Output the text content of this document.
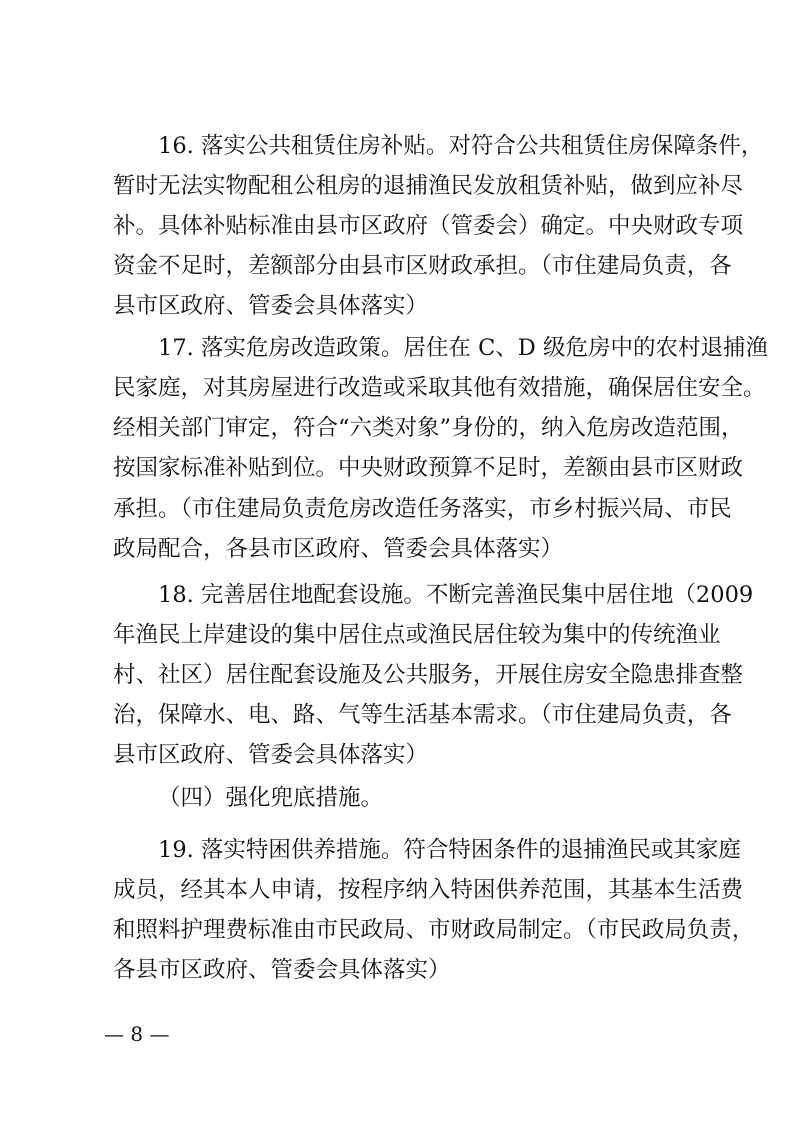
16. 落实公共租赁住房补贴。对符合公共租赁住房保障条件，
暂时无法实物配租公租房的退捕渔民发放租赁补贴，做到应补尽
补。具体补贴标准由县市区政府（管委会）确定。中央财政专项
资金不足时，差额部分由县市区财政承担。（市住建局负责，各
县市区政府、管委会具体落实）
17. 落实危房改造政策。居住在 C、D 级危房中的农村退捕渔
民家庭，对其房屋进行改造或采取其他有效措施，确保居住安全。
经相关部门审定，符合“六类对象”身份的，纳入危房改造范围，
按国家标准补贴到位。中央财政预算不足时，差额由县市区财政
承担。（市住建局负责危房改造任务落实，市乡村振兴局、市民
政局配合，各县市区政府、管委会具体落实）
18. 完善居住地配套设施。不断完善渔民集中居住地（2009
年渔民上岸建设的集中居住点或渔民居住较为集中的传统渔业
村、社区）居住配套设施及公共服务，开展住房安全隐患排查整
治，保障水、电、路、气等生活基本需求。（市住建局负责，各
县市区政府、管委会具体落实）
（四）强化兜底措施。
19. 落实特困供养措施。符合特困条件的退捕渔民或其家庭
成员，经其本人申请，按程序纳入特困供养范围，其基本生活费
和照料护理费标准由市民政局、市财政局制定。（市民政局负责，
各县市区政府、管委会具体落实）
— 8 —
